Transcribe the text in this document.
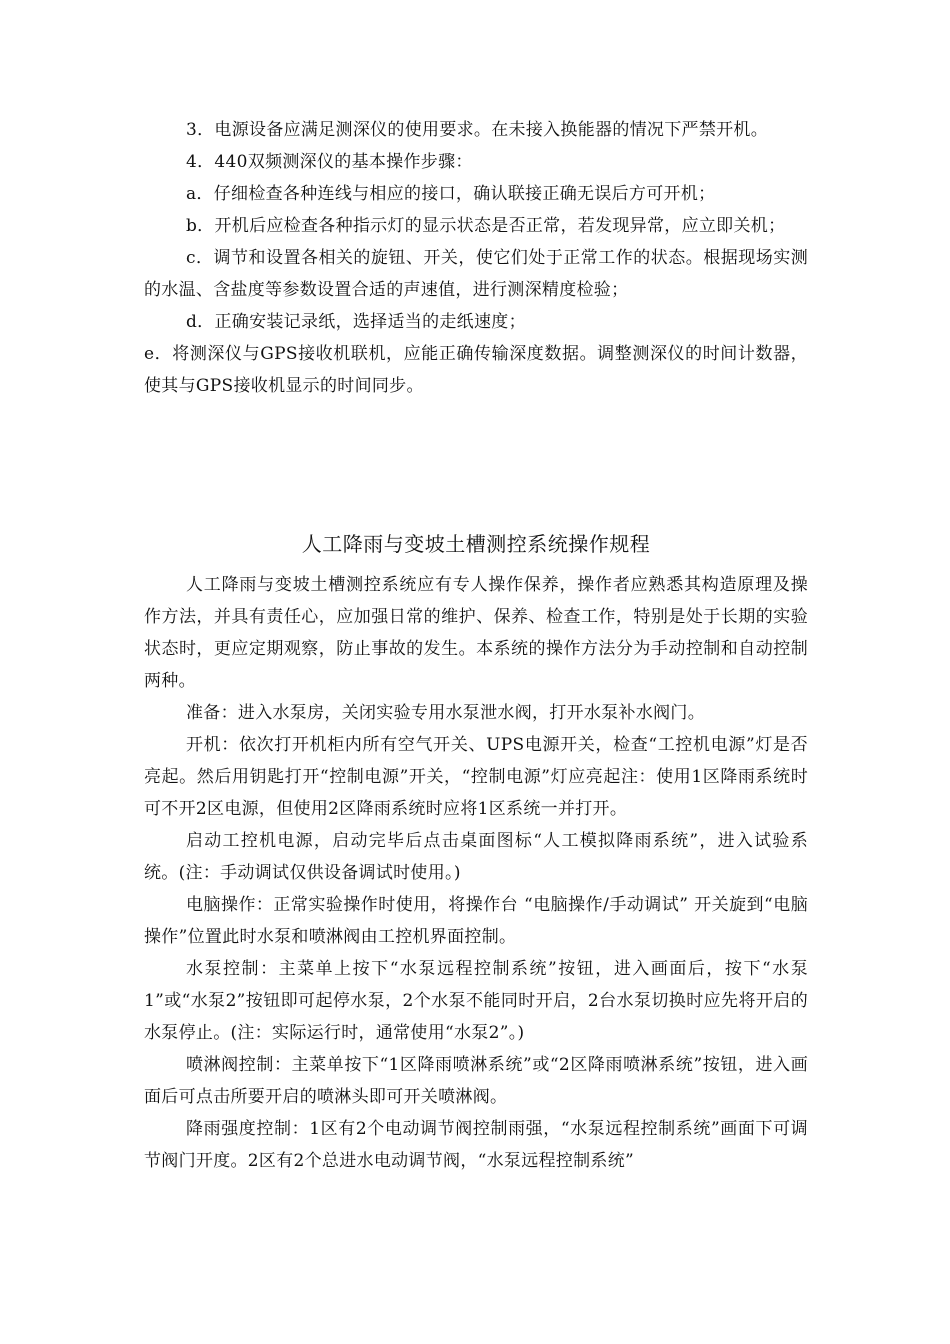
3．电源设备应满足测深仪的使用要求。在未接入换能器的情况下严禁开机。

4．440双频测深仪的基本操作步骤：

a．仔细检查各种连线与相应的接口，确认联接正确无误后方可开机；

b．开机后应检查各种指示灯的显示状态是否正常，若发现异常，应立即关机；

c．调节和设置各相关的旋钮、开关，使它们处于正常工作的状态。根据现场实测的水温、含盐度等参数设置合适的声速值，进行测深精度检验；

d．正确安装记录纸，选择适当的走纸速度；

e．将测深仪与GPS接收机联机，应能正确传输深度数据。调整测深仪的时间计数器，使其与GPS接收机显示的时间同步。

人工降雨与变坡土槽测控系统操作规程

人工降雨与变坡土槽测控系统应有专人操作保养，操作者应熟悉其构造原理及操作方法，并具有责任心，应加强日常的维护、保养、检查工作，特别是处于长期的实验状态时，更应定期观察，防止事故的发生。本系统的操作方法分为手动控制和自动控制两种。

准备：进入水泵房，关闭实验专用水泵泄水阀，打开水泵补水阀门。

开机：依次打开机柜内所有空气开关、UPS电源开关，检查“工控机电源”灯是否亮起。然后用钥匙打开“控制电源”开关，“控制电源”灯应亮起注：使用1区降雨系统时可不开2区电源，但使用2区降雨系统时应将1区系统一并打开。

启动工控机电源，启动完毕后点击桌面图标“人工模拟降雨系统”，进入试验系统。(注：手动调试仅供设备调试时使用。)

电脑操作：正常实验操作时使用，将操作台 “电脑操作/手动调试” 开关旋到“电脑操作”位置此时水泵和喷淋阀由工控机界面控制。

水泵控制：主菜单上按下“水泵远程控制系统”按钮，进入画面后，按下“水泵1”或“水泵2”按钮即可起停水泵，2个水泵不能同时开启，2台水泵切换时应先将开启的水泵停止。(注：实际运行时，通常使用“水泵2”。)

喷淋阀控制：主菜单按下“1区降雨喷淋系统”或“2区降雨喷淋系统”按钮，进入画面后可点击所要开启的喷淋头即可开关喷淋阀。

降雨强度控制：1区有2个电动调节阀控制雨强，“水泵远程控制系统”画面下可调节阀门开度。2区有2个总进水电动调节阀，“水泵远程控制系统”
